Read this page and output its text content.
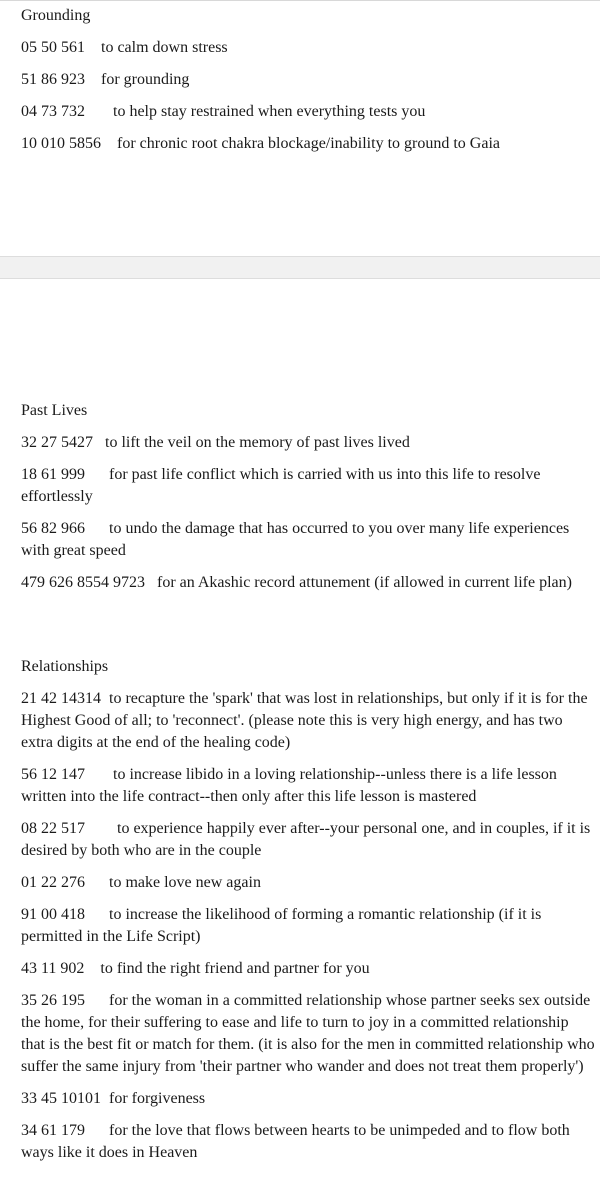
Grounding
05 50 561 to calm down stress
51 86 923 for grounding
04 73 732 to help stay restrained when everything tests you
10 010 5856 for chronic root chakra blockage/inability to ground to Gaia
Past Lives
32 27 5427 to lift the veil on the memory of past lives lived
18 61 999 for past life conflict which is carried with us into this life to resolve effortlessly
56 82 966 to undo the damage that has occurred to you over many life experiences with great speed
479 626 8554 9723 for an Akashic record attunement (if allowed in current life plan)
Relationships
21 42 14314 to recapture the 'spark' that was lost in relationships, but only if it is for the Highest Good of all; to 'reconnect'. (please note this is very high energy, and has two extra digits at the end of the healing code)
56 12 147 to increase libido in a loving relationship--unless there is a life lesson written into the life contract--then only after this life lesson is mastered
08 22 517 to experience happily ever after--your personal one, and in couples, if it is desired by both who are in the couple
01 22 276 to make love new again
91 00 418 to increase the likelihood of forming a romantic relationship (if it is permitted in the Life Script)
43 11 902 to find the right friend and partner for you
35 26 195 for the woman in a committed relationship whose partner seeks sex outside the home, for their suffering to ease and life to turn to joy in a committed relationship that is the best fit or match for them. (it is also for the men in committed relationship who suffer the same injury from 'their partner who wander and does not treat them properly')
33 45 10101 for forgiveness
34 61 179 for the love that flows between hearts to be unimpeded and to flow both ways like it does in Heaven
